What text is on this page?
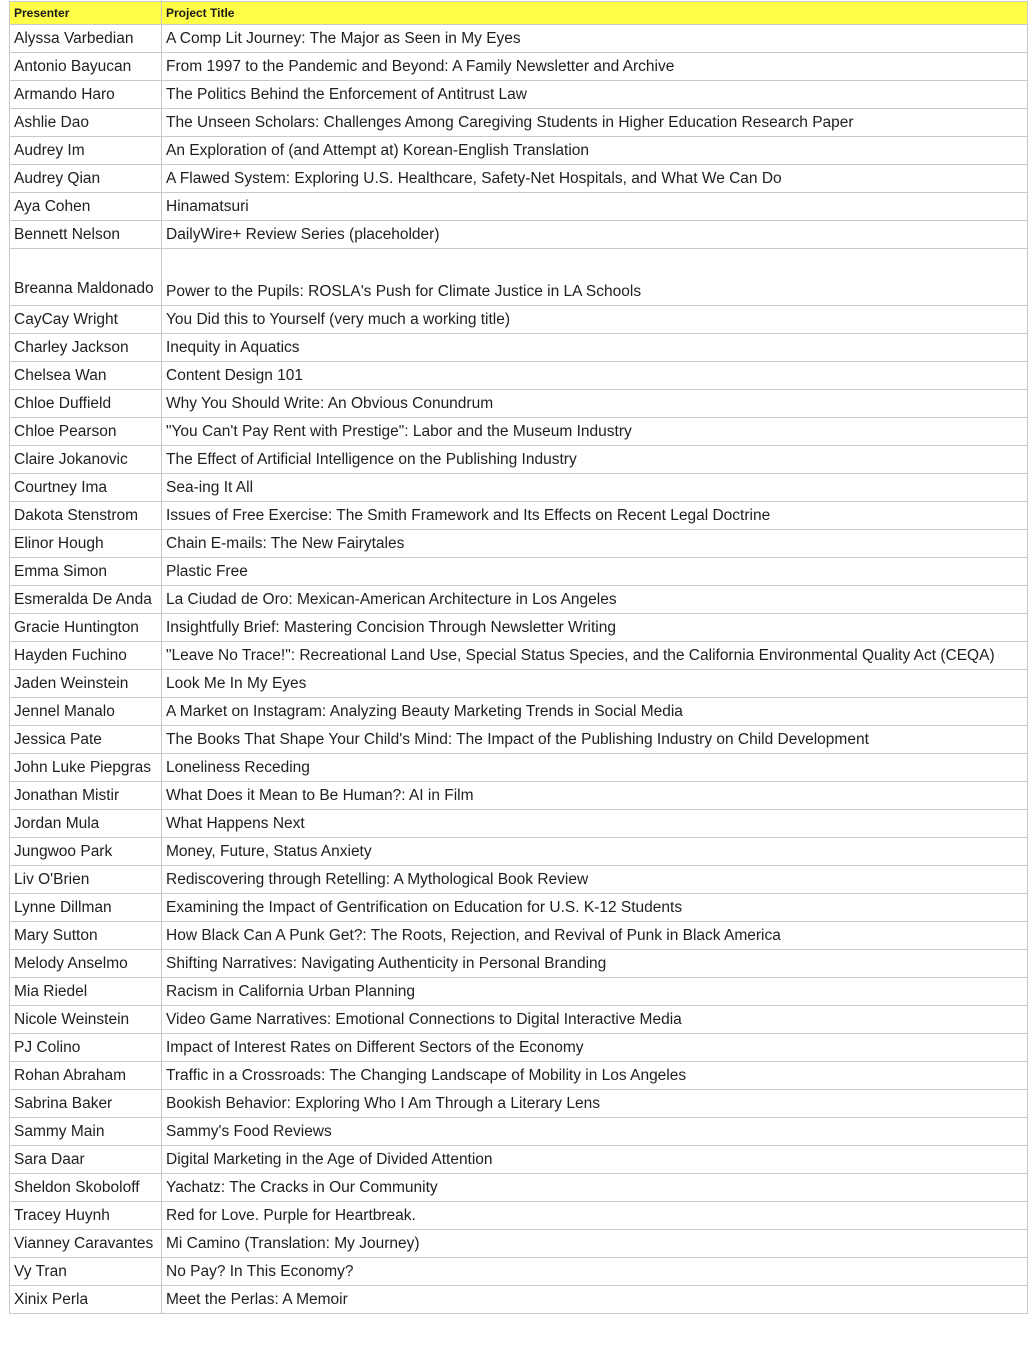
Presenter	Project Title
Alyssa Varbedian	A Comp Lit Journey: The Major as Seen in My Eyes
Antonio Bayucan	From 1997 to the Pandemic and Beyond: A Family Newsletter and Archive
Armando Haro	The Politics Behind the Enforcement of Antitrust Law
Ashlie Dao	The Unseen Scholars: Challenges Among Caregiving Students in Higher Education Research Paper
Audrey Im	An Exploration of (and Attempt at) Korean-English Translation
Audrey Qian	A Flawed System: Exploring U.S. Healthcare, Safety-Net Hospitals, and What We Can Do
Aya Cohen	Hinamatsuri
Bennett Nelson	DailyWire+ Review Series (placeholder)
Breanna Maldonado	Power to the Pupils: ROSLA's Push for Climate Justice in LA Schools
CayCay Wright	You Did this to Yourself (very much a working title)
Charley Jackson	Inequity in Aquatics
Chelsea Wan	Content Design 101
Chloe Duffield	Why You Should Write: An Obvious Conundrum
Chloe Pearson	"You Can't Pay Rent with Prestige": Labor and the Museum Industry
Claire Jokanovic	The Effect of Artificial Intelligence on the Publishing Industry
Courtney Ima	Sea-ing It All
Dakota Stenstrom	Issues of Free Exercise: The Smith Framework and Its Effects on Recent Legal Doctrine
Elinor Hough	Chain E-mails: The New Fairytales
Emma Simon	Plastic Free
Esmeralda De Anda	La Ciudad de Oro: Mexican-American Architecture in Los Angeles
Gracie Huntington	Insightfully Brief: Mastering Concision Through Newsletter Writing
Hayden Fuchino	"Leave No Trace!": Recreational Land Use, Special Status Species, and the California Environmental Quality Act (CEQA)
Jaden Weinstein	Look Me In My Eyes
Jennel Manalo	A Market on Instagram: Analyzing Beauty Marketing Trends in Social Media
Jessica Pate	The Books That Shape Your Child's Mind: The Impact of the Publishing Industry on Child Development
John Luke Piepgras	Loneliness Receding
Jonathan Mistir	What Does it Mean to Be Human?: AI in Film
Jordan Mula	What Happens Next
Jungwoo Park	Money, Future, Status Anxiety
Liv O'Brien	Rediscovering through Retelling: A Mythological Book Review
Lynne Dillman	Examining the Impact of Gentrification on Education for U.S. K-12 Students
Mary Sutton	How Black Can A Punk Get?: The Roots, Rejection, and Revival of Punk in Black America
Melody Anselmo	Shifting Narratives: Navigating Authenticity in Personal Branding
Mia Riedel	Racism in California Urban Planning
Nicole Weinstein	Video Game Narratives: Emotional Connections to Digital Interactive Media
PJ Colino	Impact of Interest Rates on Different Sectors of the Economy
Rohan Abraham	Traffic in a Crossroads: The Changing Landscape of Mobility in Los Angeles
Sabrina Baker	Bookish Behavior: Exploring Who I Am Through a Literary Lens
Sammy Main	Sammy's Food Reviews
Sara Daar	Digital Marketing in the Age of Divided Attention
Sheldon Skoboloff	Yachatz: The Cracks in Our Community
Tracey Huynh	Red for Love. Purple for Heartbreak.
Vianney Caravantes	Mi Camino (Translation: My Journey)
Vy Tran	No Pay? In This Economy?
Xinix Perla	Meet the Perlas: A Memoir
